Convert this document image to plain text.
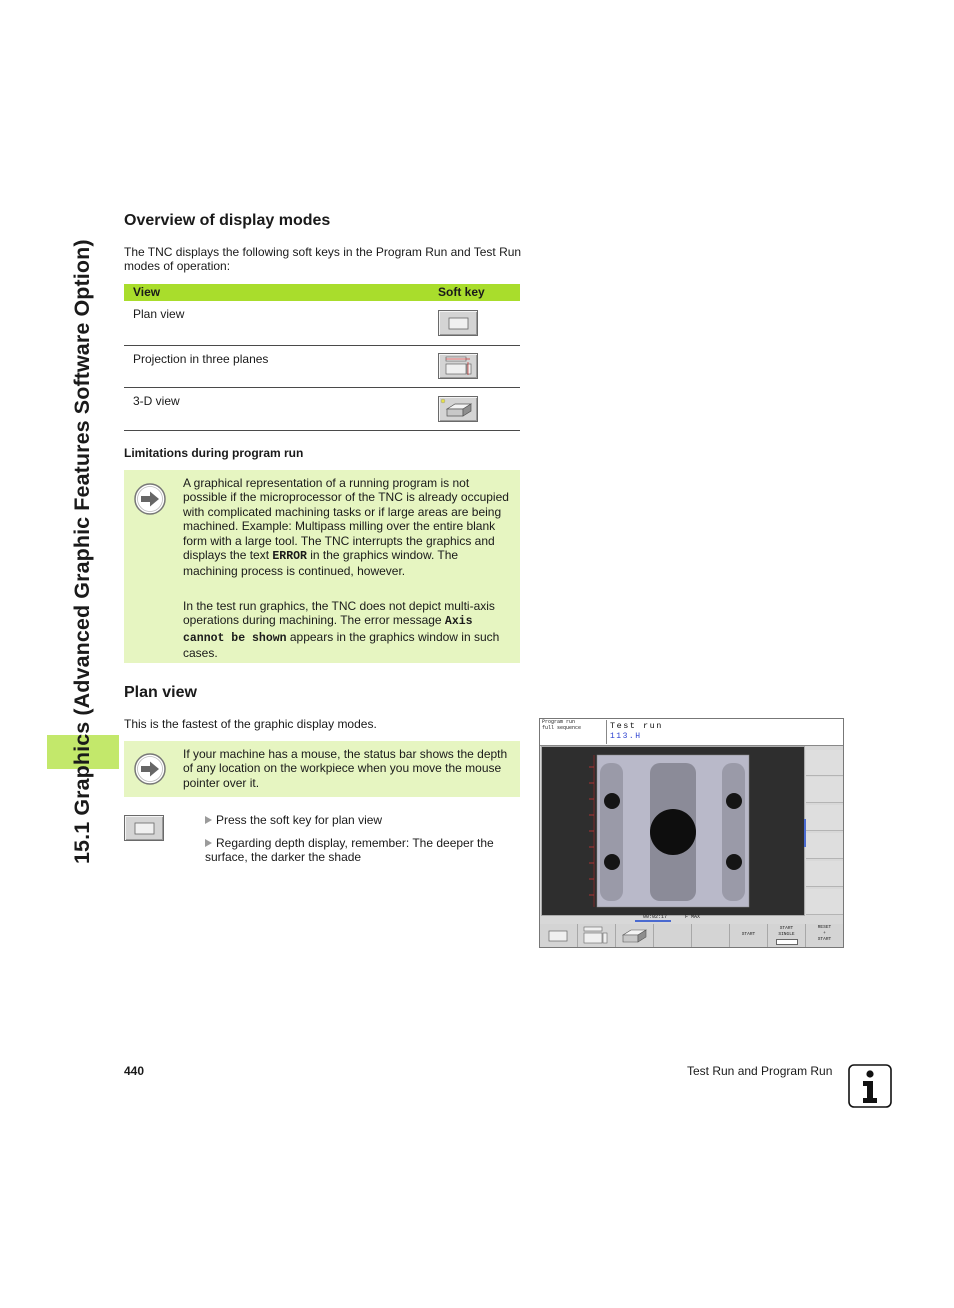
15.1 Graphics (Advanced Graphic Features Software Option)
Overview of display modes
The TNC displays the following soft keys in the Program Run and Test Run modes of operation:
View	Soft key
Plan view
Projection in three planes
3-D view
Limitations during program run
A graphical representation of a running program is not possible if the microprocessor of the TNC is already occupied with complicated machining tasks or if large areas are being machined. Example: Multipass milling over the entire blank form with a large tool. The TNC interrupts the graphics and displays the text ERROR in the graphics window. The machining process is continued, however.
In the test run graphics, the TNC does not depict multi-axis operations during machining. The error message Axis cannot be shown appears in the graphics window in such cases.
Plan view
This is the fastest of the graphic display modes.
If your machine has a mouse, the status bar shows the depth of any location on the workpiece when you move the mouse pointer over it.
Press the soft key for plan view
Regarding depth display, remember: The deeper the surface, the darker the shade
Program run
full sequence	Test run
113.H
00:02:17	F MAX
START
START
SINGLE
RESET
+
START
440	Test Run and Program Run
